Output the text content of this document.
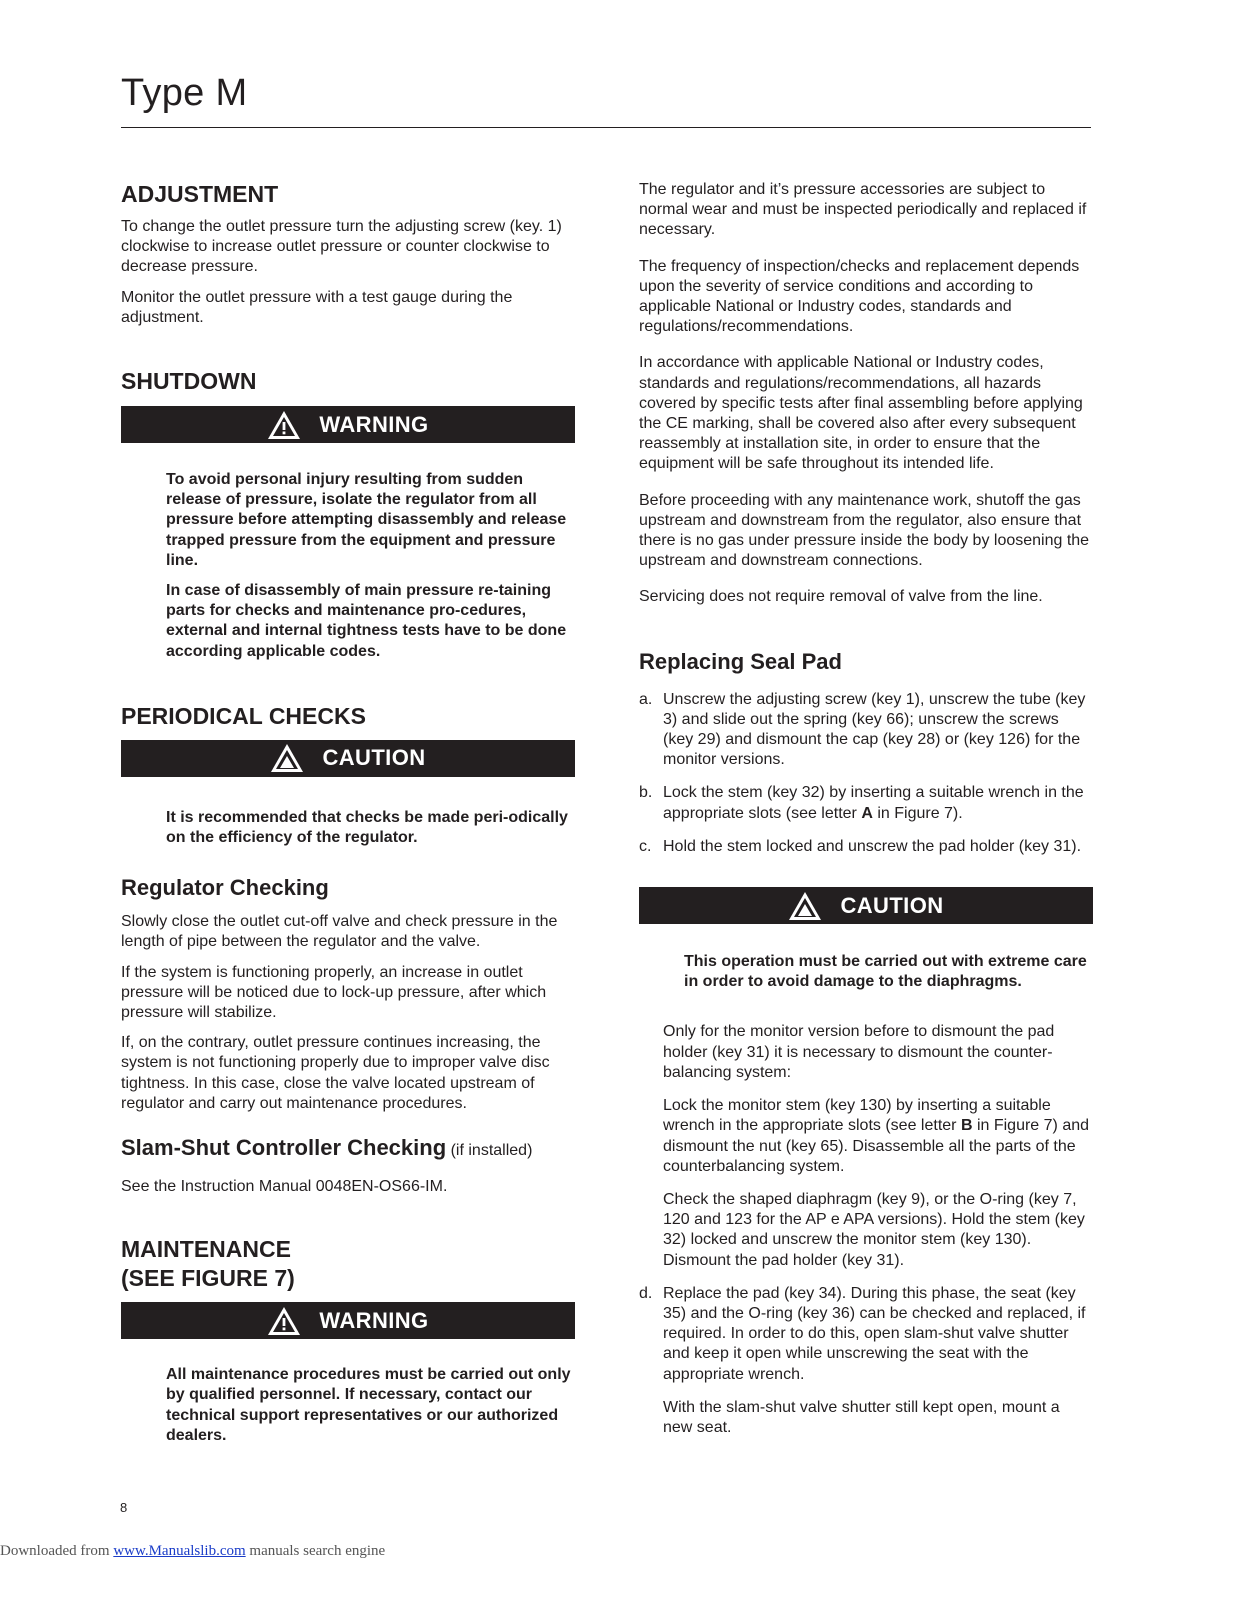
Type M
ADJUSTMENT

To change the outlet pressure turn the adjusting screw (key. 1) clockwise to increase outlet pressure or counter clockwise to decrease pressure.

Monitor the outlet pressure with a test gauge during the adjustment.

SHUTDOWN
WARNING

To avoid personal injury resulting from sudden release of pressure, isolate the regulator from all pressure before attempting disassembly and release trapped pressure from the equipment and pressure line.

In case of disassembly of main pressure re-taining parts for checks and maintenance pro-cedures, external and internal tightness tests have to be done according applicable codes.

PERIODICAL CHECKS
CAUTION

It is recommended that checks be made peri-odically on the efficiency of the regulator.

Regulator Checking

Slowly close the outlet cut-off valve and check pressure in the length of pipe between the regulator and the valve.

If the system is functioning properly, an increase in outlet pressure will be noticed due to lock-up pressure, after which pressure will stabilize.

If, on the contrary, outlet pressure continues increasing, the system is not functioning properly due to improper valve disc tightness. In this case, close the valve located upstream of regulator and carry out maintenance procedures.

Slam-Shut Controller Checking (if installed)

See the Instruction Manual 0048EN-OS66-IM.

MAINTENANCE
(SEE FIGURE 7)
WARNING

All maintenance procedures must be carried out only by qualified personnel. If necessary, contact our technical support representatives or our authorized dealers.

The regulator and it’s pressure accessories are subject to normal wear and must be inspected periodically and replaced if necessary.

The frequency of inspection/checks and replacement depends upon the severity of service conditions and according to applicable National or Industry codes, standards and regulations/recommendations.

In accordance with applicable National or Industry codes, standards and regulations/recommendations, all hazards covered by specific tests after final assembling before applying the CE marking, shall be covered also after every subsequent reassembly at installation site, in order to ensure that the equipment will be safe throughout its intended life.

Before proceeding with any maintenance work, shutoff the gas upstream and downstream from the regulator, also ensure that there is no gas under pressure inside the body by loosening the upstream and downstream connections.

Servicing does not require removal of valve from the line.

Replacing Seal Pad
a. Unscrew the adjusting screw (key 1), unscrew the tube (key 3) and slide out the spring (key 66); unscrew the screws (key 29) and dismount the cap (key 28) or (key 126) for the monitor versions.
b. Lock the stem (key 32) by inserting a suitable wrench in the appropriate slots (see letter A in Figure 7).
c. Hold the stem locked and unscrew the pad holder (key 31).
CAUTION

This operation must be carried out with extreme care in order to avoid damage to the diaphragms.

Only for the monitor version before to dismount the pad holder (key 31) it is necessary to dismount the counter-balancing system:

Lock the monitor stem (key 130) by inserting a suitable wrench in the appropriate slots (see letter B in Figure 7) and dismount the nut (key 65). Disassemble all the parts of the counterbalancing system.

Check the shaped diaphragm (key 9), or the O-ring (key 7, 120 and 123 for the AP e APA versions). Hold the stem (key 32) locked and unscrew the monitor stem (key 130). Dismount the pad holder (key 31).

d. Replace the pad (key 34). During this phase, the seat (key 35) and the O-ring (key 36) can be checked and replaced, if required. In order to do this, open slam-shut valve shutter and keep it open while unscrewing the seat with the appropriate wrench.

With the slam-shut valve shutter still kept open, mount a new seat.

8
Downloaded from www.Manualslib.com manuals search engine
